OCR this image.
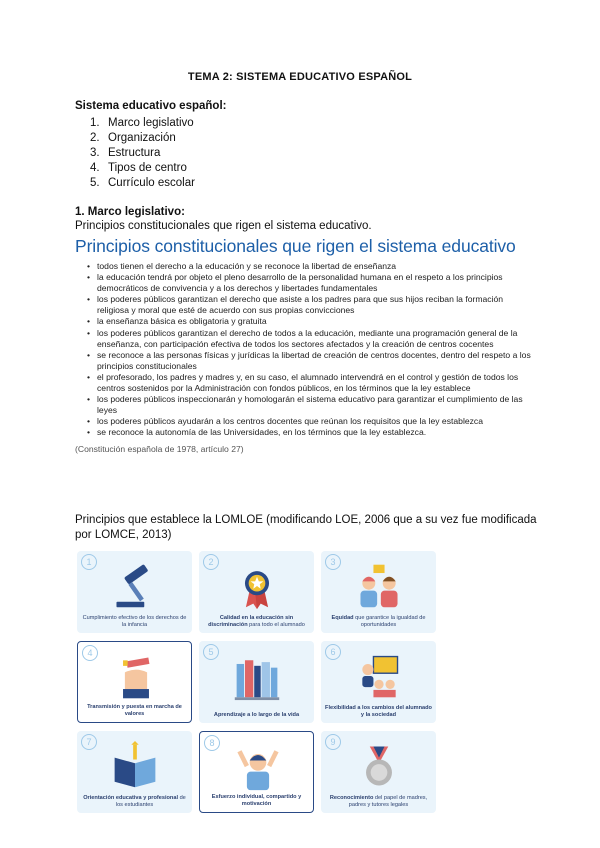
TEMA 2: SISTEMA EDUCATIVO ESPAÑOL
Sistema educativo español:
1. Marco legislativo
2. Organización
3. Estructura
4. Tipos de centro
5. Currículo escolar
1. Marco legislativo:
Principios constitucionales que rigen el sistema educativo.
Principios constitucionales que rigen el sistema educativo
• todos tienen el derecho a la educación y se reconoce la libertad de enseñanza
• la educación tendrá por objeto el pleno desarrollo de la personalidad humana en el respeto a los principios democráticos de convivencia y a los derechos y libertades fundamentales
• los poderes públicos garantizan el derecho que asiste a los padres para que sus hijos reciban la formación religiosa y moral que esté de acuerdo con sus propias convicciones
• la enseñanza básica es obligatoria y gratuita
• los poderes públicos garantizan el derecho de todos a la educación, mediante una programación general de la enseñanza, con participación efectiva de todos los sectores afectados y la creación de centros cocentes
• se reconoce a las personas físicas y jurídicas la libertad de creación de centros docentes, dentro del respeto a los principios constitucionales
• el profesorado, los padres y madres y, en su caso, el alumnado intervendrá en el control y gestión de todos los centros sostenidos por la Administración con fondos públicos, en los términos que la ley establece
• los poderes públicos inspeccionarán y homologarán el sistema educativo para garantizar el cumplimiento de las leyes
• los poderes públicos ayudarán a los centros docentes que reúnan los requisitos que la ley establezca
• se reconoce la autonomía de las Universidades, en los términos que la ley establezca.
(Constitución española de 1978, artículo 27)
Principios que establece la LOMLOE (modificando LOE, 2006 que a su vez fue modificada por LOMCE, 2013)
1
Cumplimiento efectivo de los derechos de la infancia
2
Calidad en la educación sin discriminación para todo el alumnado
3
Equidad que garantice la igualdad de oportunidades
4
Transmisión y puesta en marcha de valores
5
Aprendizaje a lo largo de la vida
6
Flexibilidad a los cambios del alumnado y la sociedad
7
Orientación educativa y profesional de los estudiantes
8
Esfuerzo individual, compartido y motivación
9
Reconocimiento del papel de madres, padres y tutores legales
